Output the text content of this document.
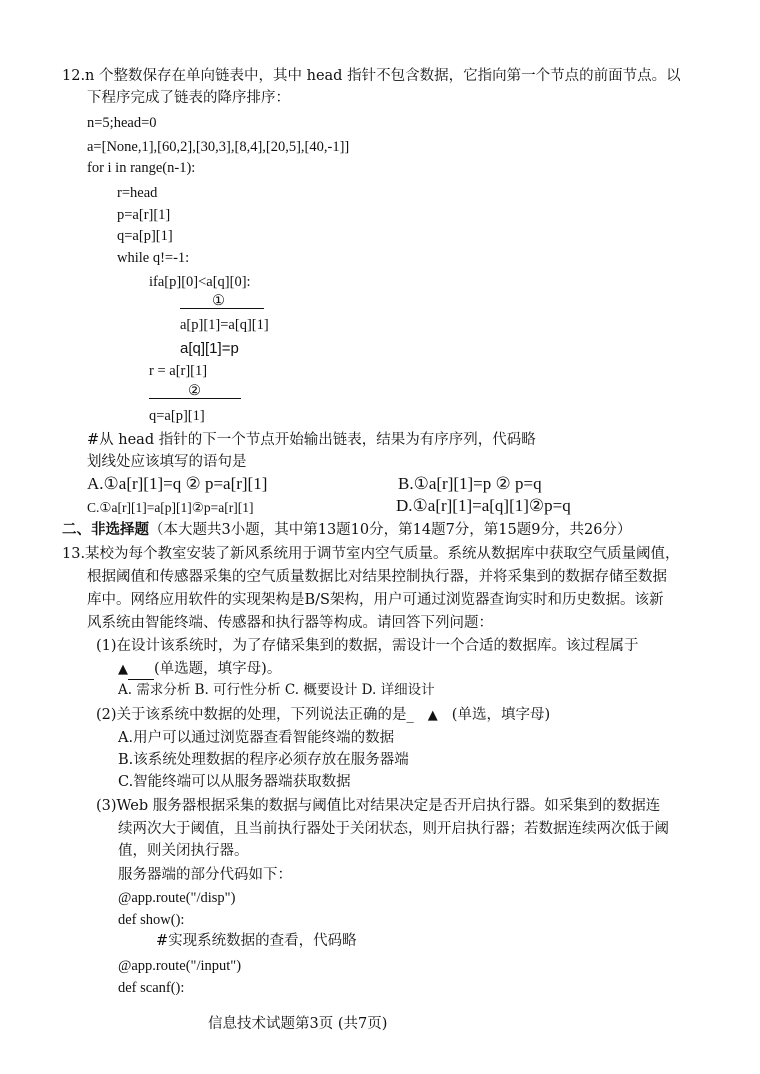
12.n 个整数保存在单向链表中，其中 head 指针不包含数据，它指向第一个节点的前面节点。以
下程序完成了链表的降序排序：
n=5;head=0
a=[None,1],[60,2],[30,3],[8,4],[20,5],[40,-1]]
for i in range(n-1):
r=head
p=a[r][1]
q=a[p][1]
while q!=-1:
ifa[p][0]<a[q][0]:
①
a[p][1]=a[q][1]
a[q][1]=p
r = a[r][1]
②
q=a[p][1]
#从 head 指针的下一个节点开始输出链表，结果为有序序列，代码略
划线处应该填写的语句是
A.①a[r][1]=q ② p=a[r][1]	B.①a[r][1]=p ② p=q
C.①a[r][1]=a[p][1]②p=a[r][1]	D.①a[r][1]=a[q][1]②p=q
二、非选择题（本大题共3小题，其中第13题10分，第14题7分，第15题9分，共26分）
13.某校为每个教室安装了新风系统用于调节室内空气质量。系统从数据库中获取空气质量阈值，
根据阈值和传感器采集的空气质量数据比对结果控制执行器，并将采集到的数据存储至数据
库中。网络应用软件的实现架构是B/S架构，用户可通过浏览器查询实时和历史数据。该新
风系统由智能终端、传感器和执行器等构成。请回答下列问题：
(1)在设计该系统时，为了存储采集到的数据，需设计一个合适的数据库。该过程属于
▲ (单选题，填字母)。
A. 需求分析 B. 可行性分析 C. 概要设计 D. 详细设计
(2)关于该系统中数据的处理，下列说法正确的是_ ▲ (单选，填字母)
A.用户可以通过浏览器查看智能终端的数据
B.该系统处理数据的程序必须存放在服务器端
C.智能终端可以从服务器端获取数据
(3)Web 服务器根据采集的数据与阈值比对结果决定是否开启执行器。如采集到的数据连
续两次大于阈值，且当前执行器处于关闭状态，则开启执行器；若数据连续两次低于阈
值，则关闭执行器。
服务器端的部分代码如下：
@app.route("/disp")
def show():
#实现系统数据的查看，代码略
@app.route("/input")
def scanf():
信息技术试题第3页 (共7页)
